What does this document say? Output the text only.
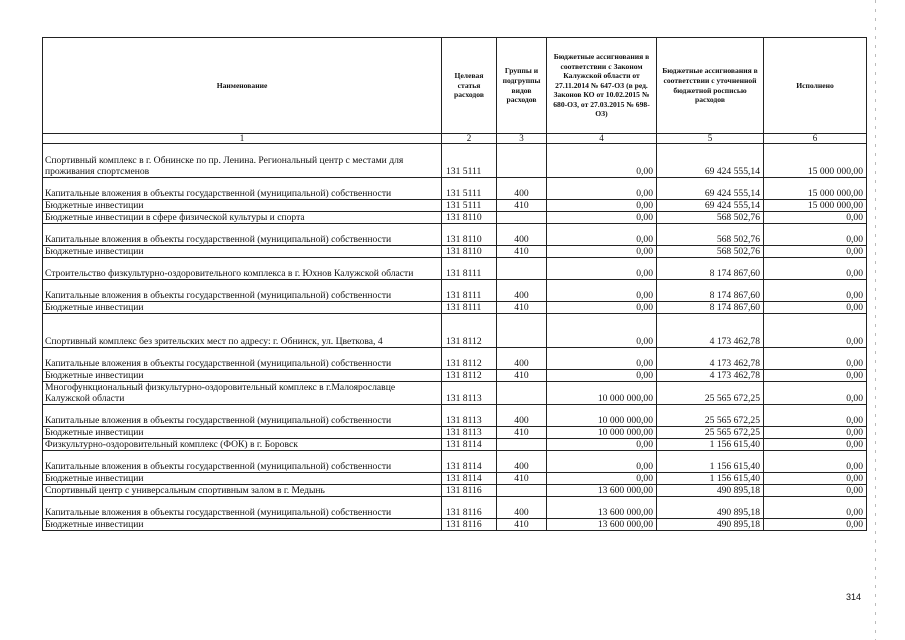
Наименование	Целевая статья расходов	Группы и подгруппы видов расходов	Бюджетные ассигнования в соответствии с Законом Калужской области от 27.11.2014 № 647-ОЗ (в ред. Законов КО от 10.02.2015 № 680-ОЗ, от 27.03.2015 № 698-ОЗ)	Бюджетные ассигнования в соответствии с уточненной бюджетной росписью расходов	Исполнено
1	2	3	4	5	6
Спортивный комплекс в г. Обнинске по пр. Ленина. Региональный центр с местами для проживания спортсменов	131 5111		0,00	69 424 555,14	15 000 000,00
Капитальные вложения в объекты государственной (муниципальной) собственности	131 5111	400	0,00	69 424 555,14	15 000 000,00
Бюджетные инвестиции	131 5111	410	0,00	69 424 555,14	15 000 000,00
Бюджетные инвестиции в сфере физической культуры и спорта	131 8110		0,00	568 502,76	0,00
Капитальные вложения в объекты государственной (муниципальной) собственности	131 8110	400	0,00	568 502,76	0,00
Бюджетные инвестиции	131 8110	410	0,00	568 502,76	0,00
Строительство физкультурно-оздоровительного комплекса в г. Юхнов Калужской области	131 8111		0,00	8 174 867,60	0,00
Капитальные вложения в объекты государственной (муниципальной) собственности	131 8111	400	0,00	8 174 867,60	0,00
Бюджетные инвестиции	131 8111	410	0,00	8 174 867,60	0,00
Спортивный комплекс без зрительских мест по адресу: г. Обнинск, ул. Цветкова, 4	131 8112		0,00	4 173 462,78	0,00
Капитальные вложения в объекты государственной (муниципальной) собственности	131 8112	400	0,00	4 173 462,78	0,00
Бюджетные инвестиции	131 8112	410	0,00	4 173 462,78	0,00
Многофункциональный физкультурно-оздоровительный комплекс в г.Малоярославце Калужской области	131 8113		10 000 000,00	25 565 672,25	0,00
Капитальные вложения в объекты государственной (муниципальной) собственности	131 8113	400	10 000 000,00	25 565 672,25	0,00
Бюджетные инвестиции	131 8113	410	10 000 000,00	25 565 672,25	0,00
Физкультурно-оздоровительный комплекс (ФОК) в г. Боровск	131 8114		0,00	1 156 615,40	0,00
Капитальные вложения в объекты государственной (муниципальной) собственности	131 8114	400	0,00	1 156 615,40	0,00
Бюджетные инвестиции	131 8114	410	0,00	1 156 615,40	0,00
Спортивный центр с универсальным спортивным залом в г. Медынь	131 8116		13 600 000,00	490 895,18	0,00
Капитальные вложения в объекты государственной (муниципальной) собственности	131 8116	400	13 600 000,00	490 895,18	0,00
Бюджетные инвестиции	131 8116	410	13 600 000,00	490 895,18	0,00
314
